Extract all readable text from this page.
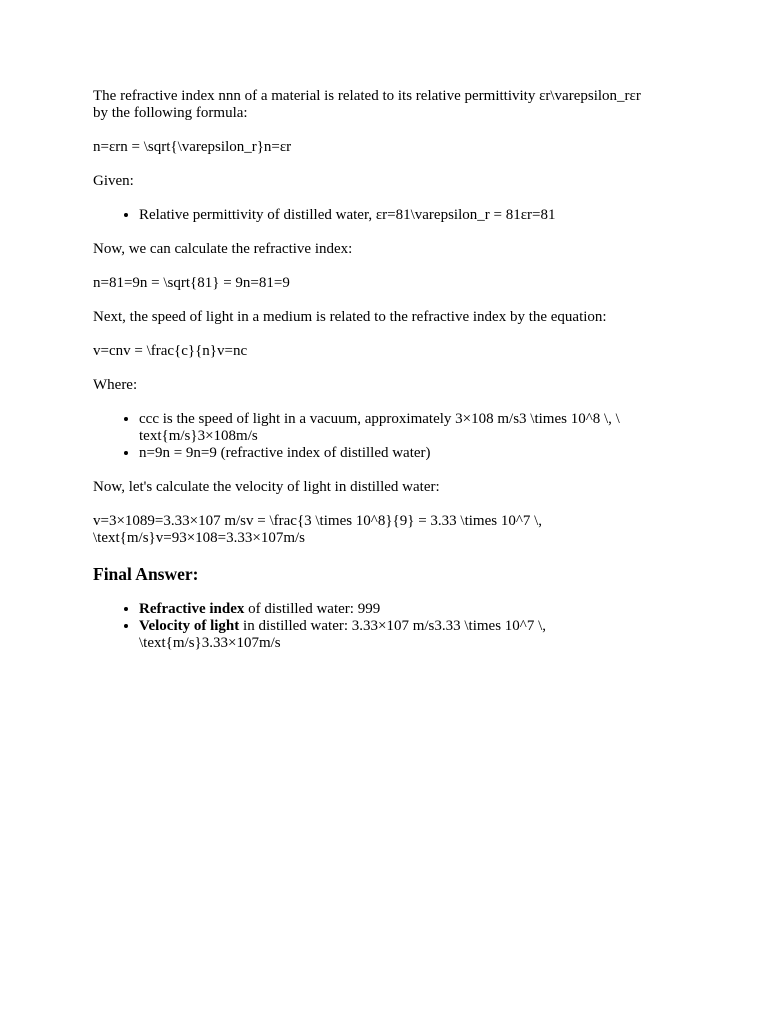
The refractive index nnn of a material is related to its relative permittivity εr\varepsilon_rεr
by the following formula:

n=εrn = \sqrt{\varepsilon_r}n=εr

Given:

• Relative permittivity of distilled water, εr=81\varepsilon_r = 81εr=81

Now, we can calculate the refractive index:

n=81=9n = \sqrt{81} = 9n=81=9

Next, the speed of light in a medium is related to the refractive index by the equation:

v=cnv = \frac{c}{n}v=nc

Where:

• ccc is the speed of light in a vacuum, approximately 3×108 m/s3 \times 10^8 \, \
text{m/s}3×108m/s
• n=9n = 9n=9 (refractive index of distilled water)

Now, let's calculate the velocity of light in distilled water:

v=3×1089=3.33×107 m/sv = \frac{3 \times 10^8}{9} = 3.33 \times 10^7 \,
\text{m/s}v=93×108=3.33×107m/s

Final Answer:
• Refractive index of distilled water: 999
• Velocity of light in distilled water: 3.33×107 m/s3.33 \times 10^7 \,
\text{m/s}3.33×107m/s
